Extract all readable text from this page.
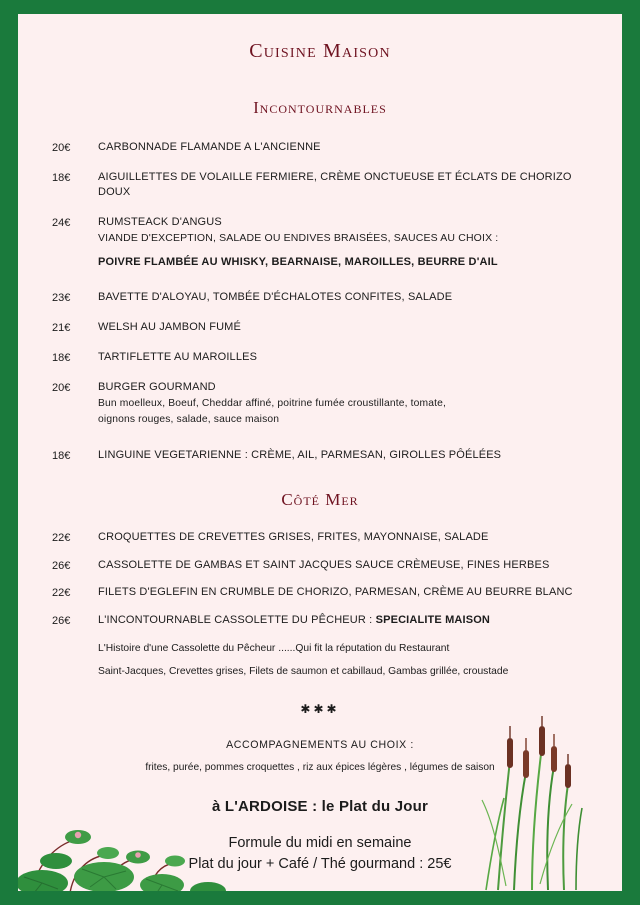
Cuisine Maison
Incontournables
20€	CARBONNADE FLAMANDE A L'ANCIENNE
18€	AIGUILLETTES DE VOLAILLE FERMIERE, CRÈME ONCTUEUSE ET ÉCLATS DE CHORIZO DOUX
24€	RUMSTEACK D'ANGUS
VIANDE D'EXCEPTION, SALADE OU ENDIVES BRAISÉES, SAUCES AU CHOIX :
POIVRE FLAMBÉE AU WHISKY, BEARNAISE, MAROILLES, BEURRE D'AIL
23€	BAVETTE D'ALOYAU, TOMBÉE D'ÉCHALOTES CONFITES, SALADE
21€	WELSH AU JAMBON FUMÉ
18€	TARTIFLETTE AU MAROILLES
20€	BURGER GOURMAND
Bun moelleux, Boeuf, Cheddar affiné, poitrine fumée croustillante, tomate,
oignons rouges, salade, sauce maison
18€	LINGUINE VEGETARIENNE : CRÈME, AIL, PARMESAN, GIROLLES PÔÉLÉES
Côté Mer
22€	CROQUETTES DE CREVETTES GRISES, FRITES, MAYONNAISE, SALADE
26€	CASSOLETTE DE GAMBAS ET SAINT JACQUES SAUCE CRÈMEUSE, FINES HERBES
22€	FILETS D'EGLEFIN EN CRUMBLE DE CHORIZO, PARMESAN, CRÈME AU BEURRE BLANC
26€	L'INCONTOURNABLE CASSOLETTE DU PÊCHEUR : SPECIALITE MAISON
L'Histoire d'une Cassolette du Pêcheur ......Qui fit la réputation du Restaurant
Saint-Jacques, Crevettes grises, Filets de saumon et cabillaud, Gambas grillée, croustade
✱✱✱
ACCOMPAGNEMENTS AU CHOIX :
frites, purée, pommes croquettes , riz aux épices légères , légumes de saison
à L'ARDOISE : le Plat du Jour
Formule du midi en semaine
Plat du jour + Café / Thé gourmand : 25€
